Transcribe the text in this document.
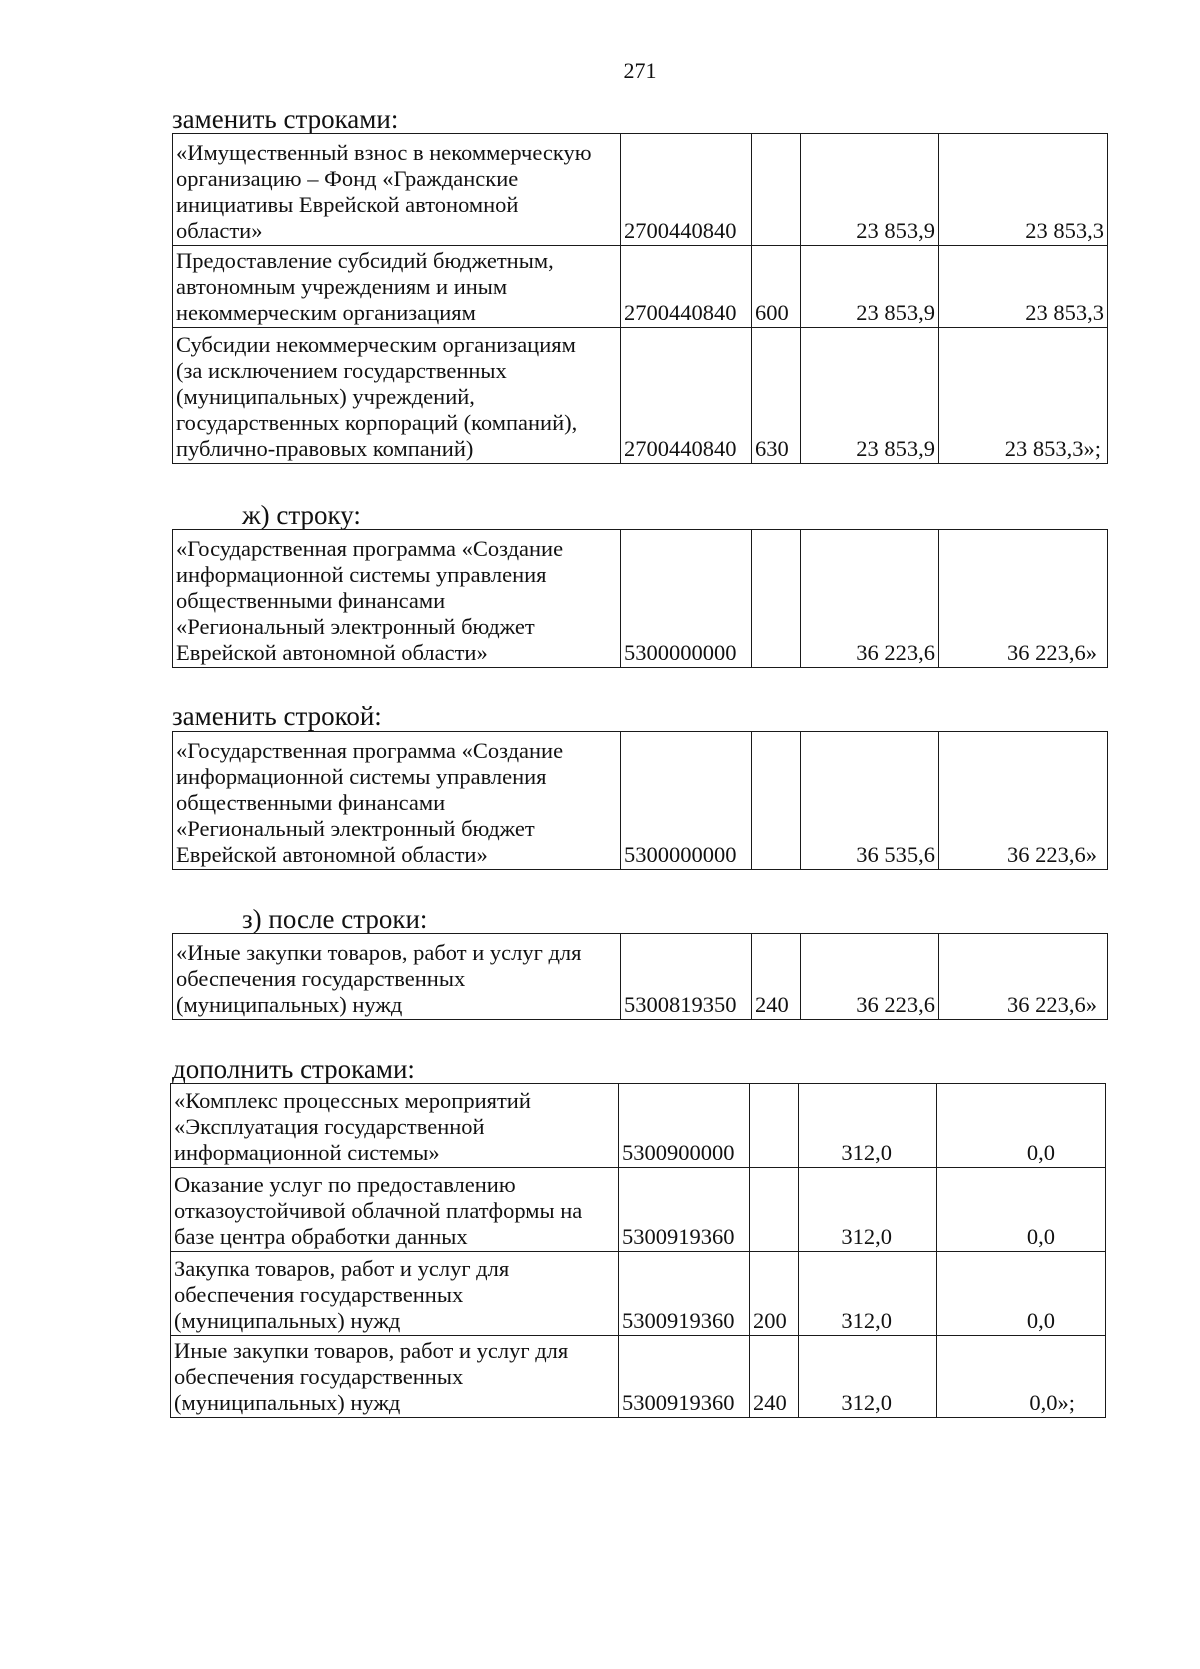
271
заменить строками:
«Имущественный взнос в некоммерческую
организацию – Фонд «Гражданские
инициативы Еврейской автономной
области»	2700440840		23 853,9	23 853,3

Предоставление субсидий бюджетным,
автономным учреждениям и иным
некоммерческим организациям	2700440840	600	23 853,9	23 853,3

Субсидии некоммерческим организациям
(за исключением государственных
(муниципальных) учреждений,
государственных корпораций (компаний),
публично-правовых компаний)	2700440840	630	23 853,9	23 853,3»;
ж) строку:
«Государственная программа «Создание
информационной системы управления
общественными финансами
«Региональный электронный бюджет
Еврейской автономной области»	5300000000		36 223,6	36 223,6»
заменить строкой:
«Государственная программа «Создание
информационной системы управления
общественными финансами
«Региональный электронный бюджет
Еврейской автономной области»	5300000000		36 535,6	36 223,6»
з) после строки:
«Иные закупки товаров, работ и услуг для
обеспечения государственных
(муниципальных) нужд	5300819350	240	36 223,6	36 223,6»
дополнить строками:
«Комплекс процессных мероприятий
«Эксплуатация государственной
информационной системы»	5300900000		312,0	0,0

Оказание услуг по предоставлению
отказоустойчивой облачной платформы на
базе центра обработки данных	5300919360		312,0	0,0

Закупка товаров, работ и услуг для
обеспечения государственных
(муниципальных) нужд	5300919360	200	312,0	0,0

Иные закупки товаров, работ и услуг для
обеспечения государственных
(муниципальных) нужд	5300919360	240	312,0	0,0»;
